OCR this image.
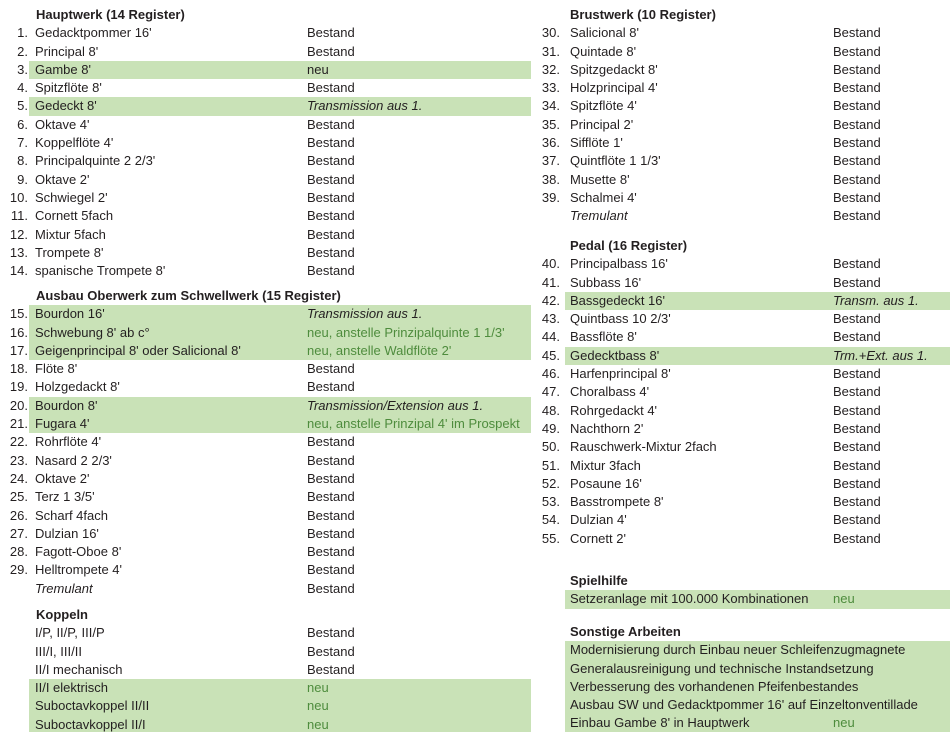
Hauptwerk (14 Register)
1. Gedacktpommer 16'	Bestand
2. Principal 8'	Bestand
3. Gambe 8'	neu
4. Spitzflöte 8'	Bestand
5. Gedeckt 8'	Transmission aus 1.
6. Oktave 4'	Bestand
7. Koppelflöte 4'	Bestand
8. Principalquinte 2 2/3'	Bestand
9. Oktave 2'	Bestand
10. Schwiegel 2'	Bestand
11. Cornett 5fach	Bestand
12. Mixtur 5fach	Bestand
13. Trompete 8'	Bestand
14. spanische Trompete 8'	Bestand
Ausbau Oberwerk zum Schwellwerk (15 Register)
15. Bourdon 16'	Transmission aus 1.
16. Schwebung 8' ab c°	neu, anstelle Prinzipalquinte 1 1/3'
17. Geigenprincipal 8' oder Salicional 8'	neu, anstelle Waldflöte 2'
18. Flöte 8'	Bestand
19. Holzgedackt 8'	Bestand
20. Bourdon 8'	Transmission/Extension aus 1.
21. Fugara 4'	neu, anstelle Prinzipal 4' im Prospekt
22. Rohrflöte 4'	Bestand
23. Nasard 2 2/3'	Bestand
24. Oktave 2'	Bestand
25. Terz 1 3/5'	Bestand
26. Scharf 4fach	Bestand
27. Dulzian 16'	Bestand
28. Fagott-Oboe 8'	Bestand
29. Helltrompete 4'	Bestand
Tremulant	Bestand
Koppeln
I/P, II/P, III/P	Bestand
III/I, III/II	Bestand
II/I mechanisch	Bestand
II/I elektrisch	neu
Suboctavkoppel II/II	neu
Suboctavkoppel II/I	neu
Brustwerk (10 Register)
30. Salicional 8'	Bestand
31. Quintade 8'	Bestand
32. Spitzgedackt 8'	Bestand
33. Holzprincipal 4'	Bestand
34. Spitzflöte 4'	Bestand
35. Principal 2'	Bestand
36. Sifflöte 1'	Bestand
37. Quintflöte 1 1/3'	Bestand
38. Musette 8'	Bestand
39. Schalmei 4'	Bestand
Tremulant	Bestand
Pedal (16 Register)
40. Principalbass 16'	Bestand
41. Subbass 16'	Bestand
42. Bassgedeckt 16'	Transm. aus 1.
43. Quintbass 10 2/3'	Bestand
44. Bassflöte 8'	Bestand
45. Gedecktbass 8'	Trm.+Ext. aus 1.
46. Harfenprincipal 8'	Bestand
47. Choralbass 4'	Bestand
48. Rohrgedackt 4'	Bestand
49. Nachthorn 2'	Bestand
50. Rauschwerk-Mixtur 2fach	Bestand
51. Mixtur 3fach	Bestand
52. Posaune 16'	Bestand
53. Basstrompete 8'	Bestand
54. Dulzian 4'	Bestand
55. Cornett 2'	Bestand
Spielhilfe
Setzeranlage mit 100.000 Kombinationen neu
Sonstige Arbeiten
Modernisierung durch Einbau neuer Schleifenzugmagnete
Generalausreinigung und technische Instandsetzung
Verbesserung des vorhandenen Pfeifenbestandes
Ausbau SW und Gedacktpommer 16' auf Einzeltonventillade
Einbau Gambe 8' in Hauptwerk	neu
